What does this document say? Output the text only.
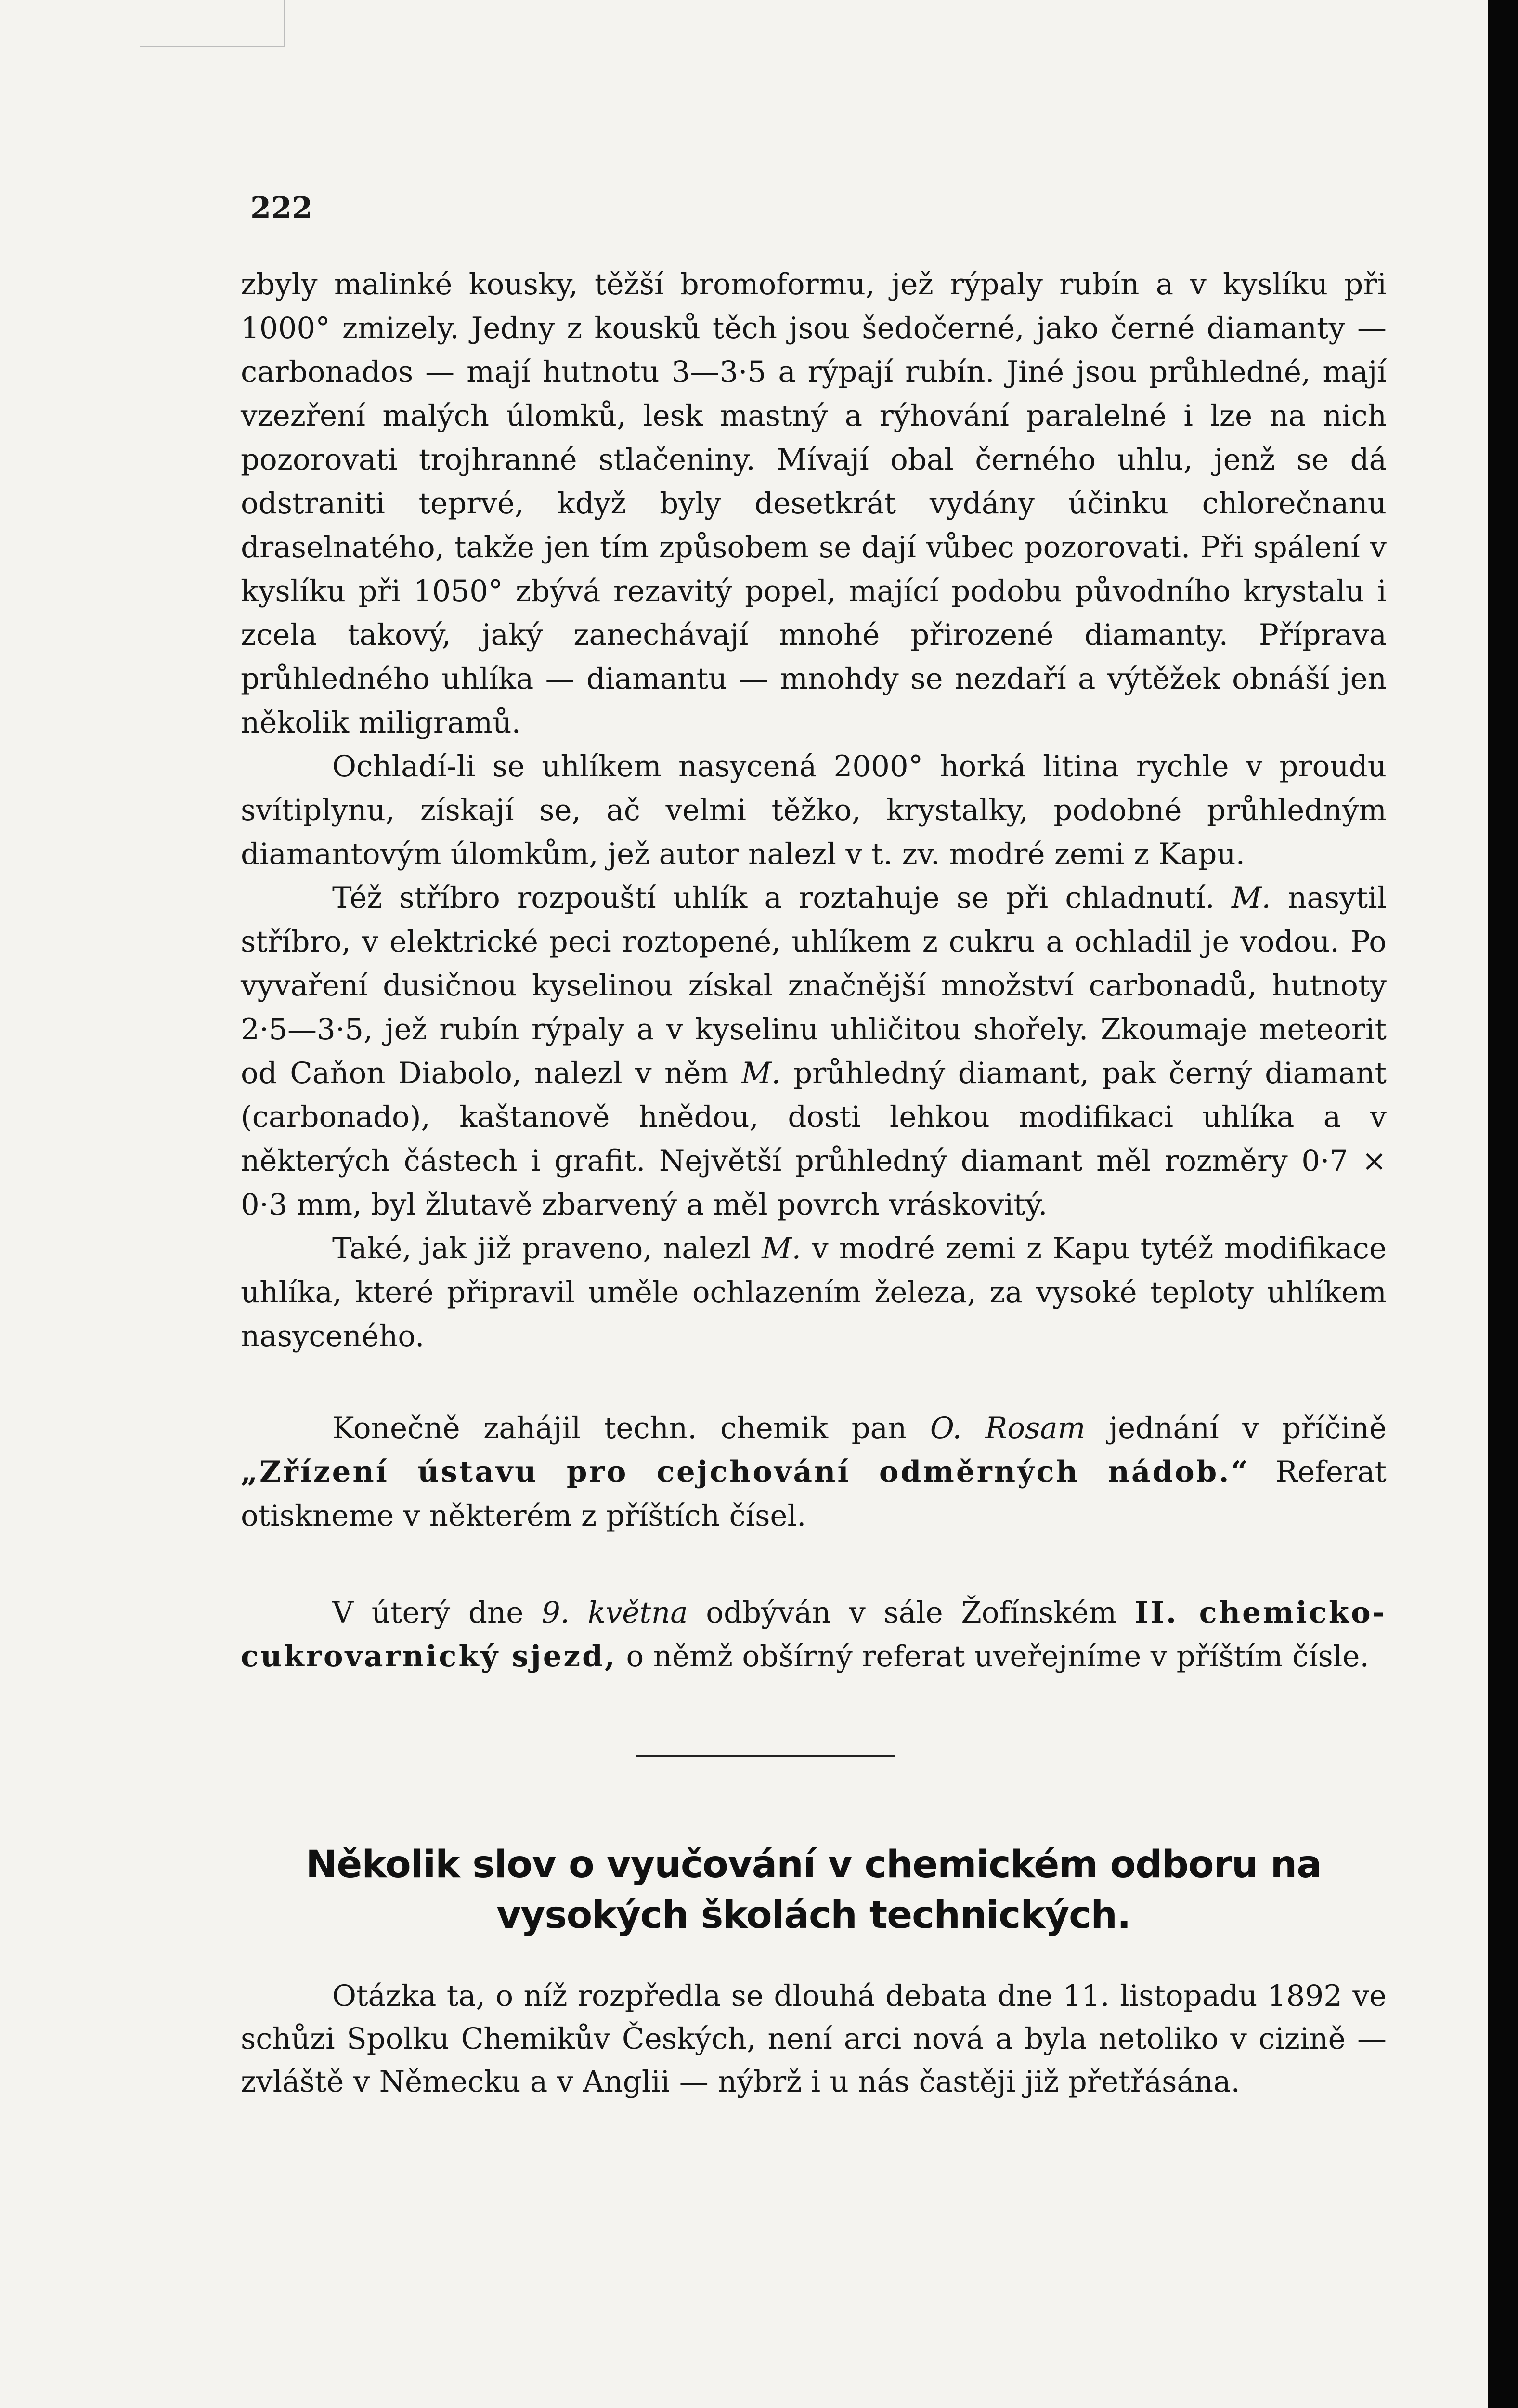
222

zbyly malinké kousky, těžší bromoformu, jež rýpaly rubín a v kyslíku při 1000° zmizely. Jedny z kousků těch jsou šedočerné, jako černé diamanty — carbonados — mají hutnotu 3—3·5 a rýpají rubín. Jiné jsou průhledné, mají vzezření malých úlomků, lesk mastný a rýhování paralelné i lze na nich pozorovati trojhranné stlačeniny. Mívají obal černého uhlu, jenž se dá odstraniti teprvé, když byly desetkrát vydány účinku chlorečnanu draselnatého, takže jen tím způsobem se dají vůbec pozorovati. Při spálení v kyslíku při 1050° zbývá rezavitý popel, mající podobu původního krystalu i zcela takový, jaký zanechávají mnohé přirozené diamanty. Příprava průhledného uhlíka — diamantu — mnohdy se nezdaří a výtěžek obnáší jen několik miligramů.

Ochladí-li se uhlíkem nasycená 2000° horká litina rychle v proudu svítiplynu, získají se, ač velmi těžko, krystalky, podobné průhledným diamantovým úlomkům, jež autor nalezl v t. zv. modré zemi z Kapu.

Též stříbro rozpouští uhlík a roztahuje se při chladnutí. M. nasytil stříbro, v elektrické peci roztopené, uhlíkem z cukru a ochladil je vodou. Po vyvaření dusičnou kyselinou získal značnější množství carbonadů, hutnoty 2·5—3·5, jež rubín rýpaly a v kyselinu uhličitou shořely. Zkoumaje meteorit od Caňon Diabolo, nalezl v něm M. průhledný diamant, pak černý diamant (carbonado), kaštanově hnědou, dosti lehkou modifikaci uhlíka a v některých částech i grafit. Největší průhledný diamant měl rozměry 0·7 × 0·3 mm, byl žlutavě zbarvený a měl povrch vráskovitý.

Také, jak již praveno, nalezl M. v modré zemi z Kapu tytéž modifikace uhlíka, které připravil uměle ochlazením železa, za vysoké teploty uhlíkem nasyceného.

Konečně zahájil techn. chemik pan O. Rosam jednání v příčině „Zřízení ústavu pro cejchování odměrných nádob.“ Referat otiskneme v některém z příštích čísel.

V úterý dne 9. května odbýván v sále Žofínském II. chemicko-cukrovarnický sjezd, o němž obšírný referat uveřejníme v příštím čísle.

Několik slov o vyučování v chemickém odboru na vysokých školách technických.

Otázka ta, o níž rozpředla se dlouhá debata dne 11. listopadu 1892 ve schůzi Spolku Chemikův Českých, není arci nová a byla netoliko v cizině — zvláště v Německu a v Anglii — nýbrž i u nás častěji již přetřásána.
